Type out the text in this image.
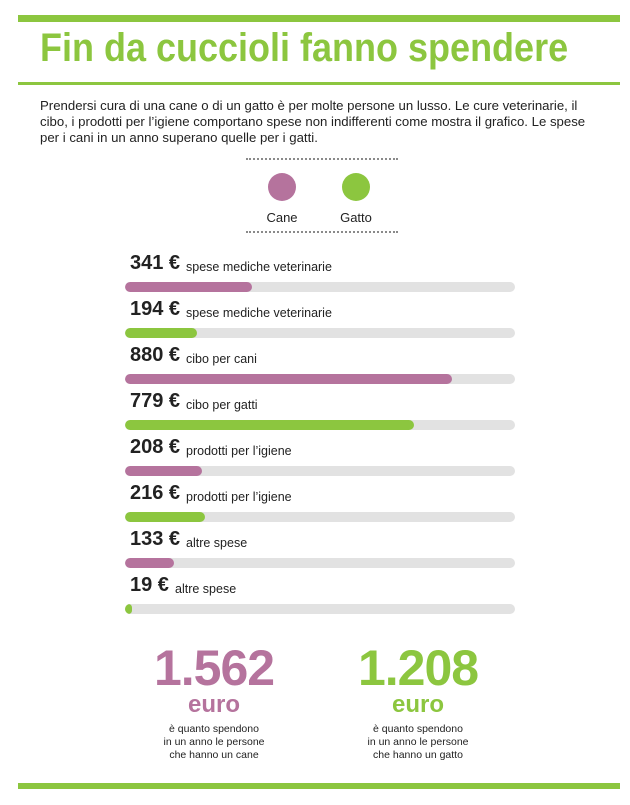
Fin da cuccioli fanno spendere

Prendersi cura di una cane o di un gatto è per molte persone un lusso. Le cure veterinarie, il cibo, i prodotti per l’igiene comportano spese non indifferenti come mostra il grafico. Le spese per i cani in un anno superano quelle per i gatti.

Cane	Gatto
341 € spese mediche veterinarie
194 € spese mediche veterinarie
880 € cibo per cani
779 € cibo per gatti
208 € prodotti per l’igiene
216 € prodotti per l’igiene
133 € altre spese
19 € altre spese
1.562
euro
è quanto spendono
in un anno le persone
che hanno un cane
1.208
euro
è quanto spendono
in un anno le persone
che hanno un gatto
